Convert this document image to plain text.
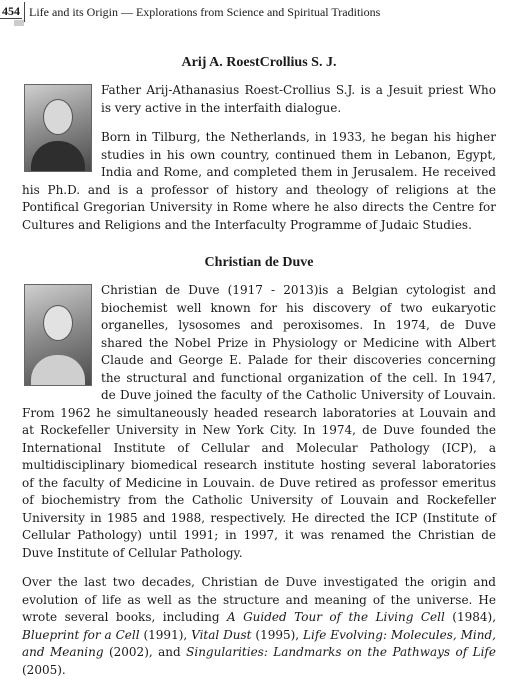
454 Life and its Origin — Explorations from Science and Spiritual Traditions
Arij A. RoestCrollius S. J.

Father Arij-Athanasius Roest-Crollius S.J. is a Jesuit priest Who is very active in the interfaith dialogue.

Born in Tilburg, the Netherlands, in 1933, he began his higher studies in his own country, continued them in Lebanon, Egypt, India and Rome, and completed them in Jerusalem. He received his Ph.D. and is a professor of history and theology of religions at the Pontifical Gregorian University in Rome where he also directs the Centre for Cultures and Religions and the Interfaculty Programme of Judaic Studies.

Christian de Duve

Christian de Duve (1917 - 2013)is a Belgian cytologist and biochemist well known for his discovery of two eukaryotic organelles, lysosomes and peroxisomes. In 1974, de Duve shared the Nobel Prize in Physiology or Medicine with Albert Claude and George E. Palade for their discoveries concerning the structural and functional organization of the cell. In 1947, de Duve joined the faculty of the Catholic University of Louvain. From 1962 he simultaneously headed research laboratories at Louvain and at Rockefeller University in New York City. In 1974, de Duve founded the International Institute of Cellular and Molecular Pathology (ICP), a multidisciplinary biomedical research institute hosting several laboratories of the faculty of Medicine in Louvain. de Duve retired as professor emeritus of biochemistry from the Catholic University of Louvain and Rockefeller University in 1985 and 1988, respectively. He directed the ICP (Institute of Cellular Pathology) until 1991; in 1997, it was renamed the Christian de Duve Institute of Cellular Pathology.

Over the last two decades, Christian de Duve investigated the origin and evolution of life as well as the structure and meaning of the universe. He wrote several books, including A Guided Tour of the Living Cell (1984), Blueprint for a Cell (1991), Vital Dust (1995), Life Evolving: Molecules, Mind, and Meaning (2002), and Singularities: Landmarks on the Pathways of Life (2005).
